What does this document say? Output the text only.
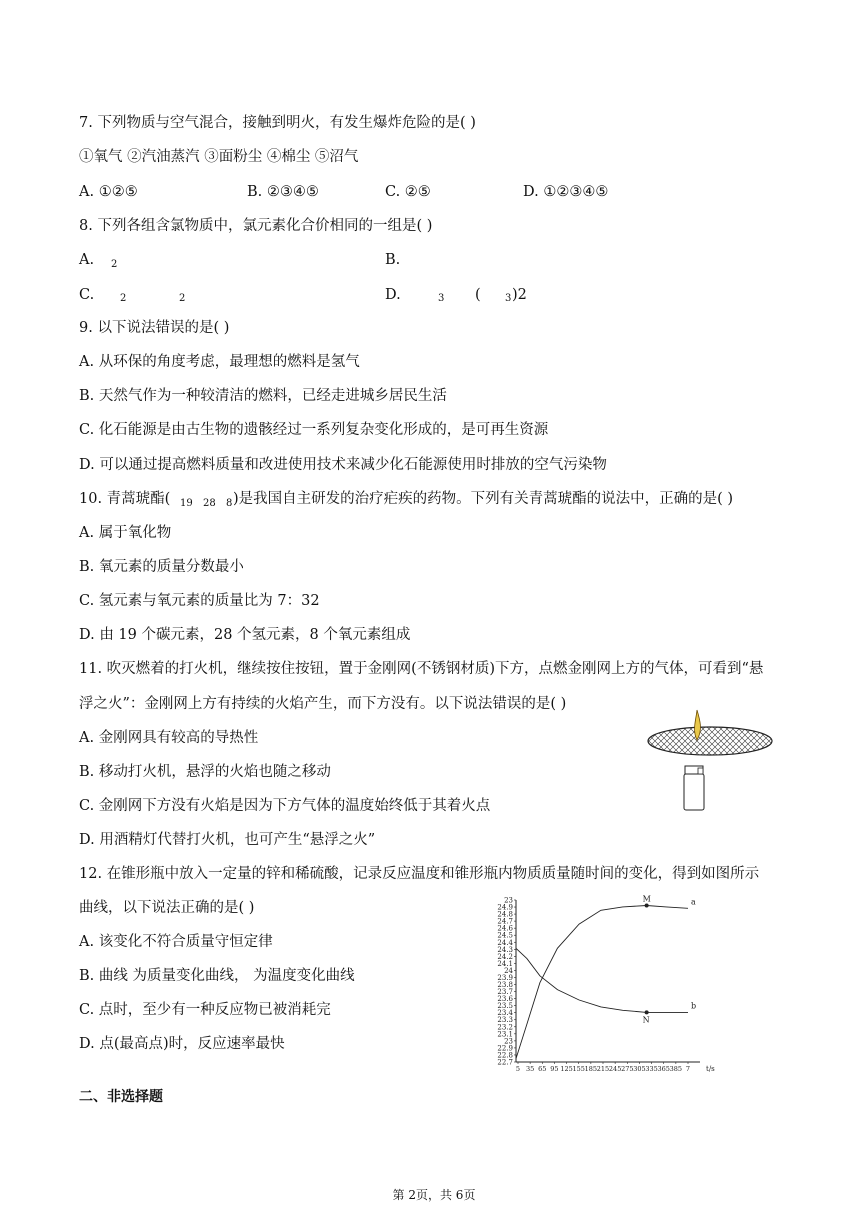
7. 下列物质与空气混合，接触到明火，有发生爆炸危险的是( )
①氧气 ②汽油蒸汽 ③面粉尘 ④棉尘 ⑤沼气
A. ①②⑤	B. ②③④⑤	C. ②⑤	D. ①②③④⑤
8. 下列各组含氯物质中，氯元素化合价相同的一组是( )
A. 2	B.
C.	2	2	D.	3 ( 3 )2
9. 以下说法错误的是( )
A. 从环保的角度考虑，最理想的燃料是氢气
B. 天然气作为一种较清洁的燃料，已经走进城乡居民生活
C. 化石能源是由古生物的遗骸经过一系列复杂变化形成的，是可再生资源
D. 可以通过提高燃料质量和改进使用技术来减少化石能源使用时排放的空气污染物
10. 青蒿琥酯( 19 28 8 )是我国自主研发的治疗疟疾的药物。下列有关青蒿琥酯的说法中，正确的是( )
A. 属于氧化物
B. 氧元素的质量分数最小
C. 氢元素与氧元素的质量比为 7：32
D. 由 19 个碳元素，28 个氢元素，8 个氧元素组成
11. 吹灭燃着的打火机，继续按住按钮，置于金刚网(不锈钢材质)下方，点燃金刚网上方的气体，可看到“悬
浮之火”：金刚网上方有持续的火焰产生，而下方没有。以下说法错误的是( )
A. 金刚网具有较高的导热性
B. 移动打火机，悬浮的火焰也随之移动
C. 金刚网下方没有火焰是因为下方气体的温度始终低于其着火点
D. 用酒精灯代替打火机，也可产生“悬浮之火”
12. 在锥形瓶中放入一定量的锌和稀硫酸，记录反应温度和锥形瓶内物质质量随时间的变化，得到如图所示
曲线，以下说法正确的是( )
A. 该变化不符合质量守恒定律
B. 曲线 为质量变化曲线， 为温度变化曲线
C. 点时，至少有一种反应物已被消耗完
D. 点(最高点)时，反应速率最快
23
24.9
24.8
24.7
24.6
24.5
24.4
24.3
24.2
24.1
24
23.9
23.8
23.7
23.6
23.5
23.4
23.3
23.2
23.1
23
22.9
22.8
22.7
5 35 65 95 125 155 185 215 245 275 305 335 365 385 7 t/s
M	a
N
b
二、非选择题
第 2页，共 6页
